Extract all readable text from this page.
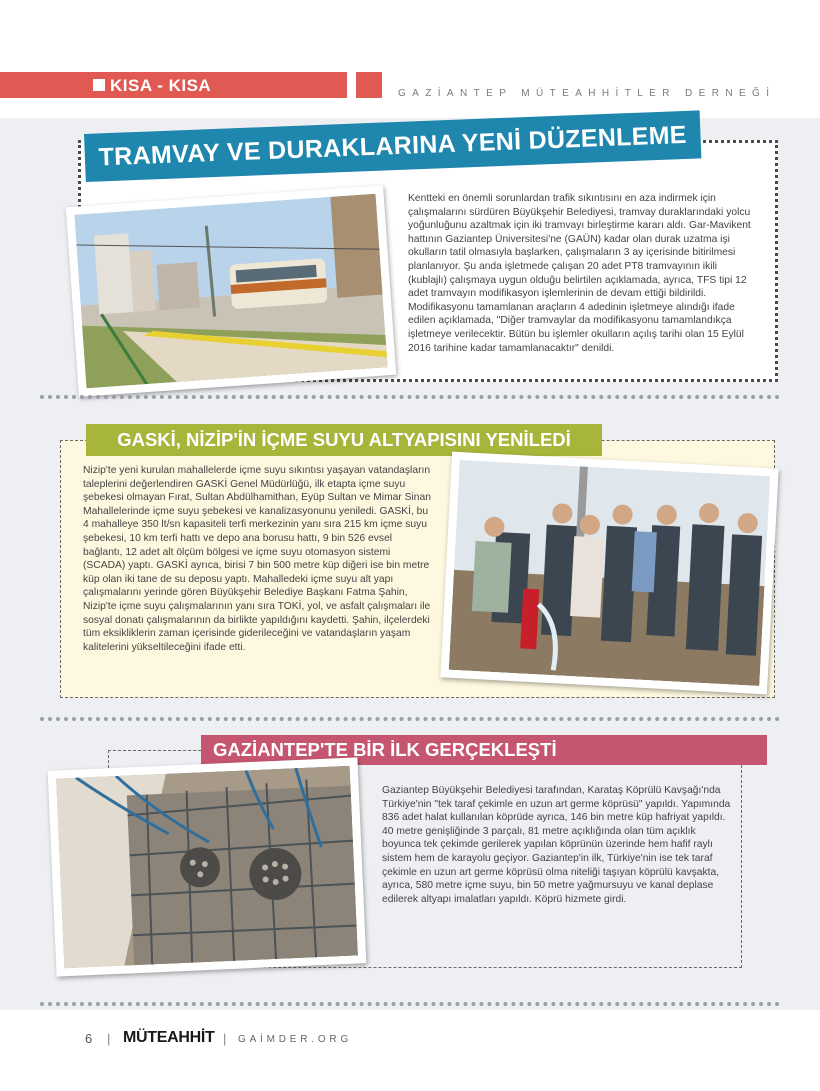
KISA - KISA	GAZİANTEP MÜTEAHHİTLER DERNEĞİ
TRAMVAY VE DURAKLARINA YENİ DÜZENLEME
Kentteki en önemli sorunlardan trafik sıkıntısını en aza indirmek için çalışmalarını sürdüren Büyükşehir Belediyesi, tramvay duraklarındaki yolcu yoğunluğunu azaltmak için iki tramvayı birleştirme kararı aldı. Gar-Mavikent hattının Gaziantep Üniversitesi'ne (GAÜN) kadar olan durak uzatma işi okulların tatil olmasıyla başlarken, çalışmaların 3 ay içerisinde bitirilmesi planlanıyor. Şu anda işletmede çalışan 20 adet PT8 tramvayının ikili (kublajlı) çalışmaya uygun olduğu belirtilen açıklamada, ayrıca, TFS tipi 12 adet tramvayın modifikasyon işlemlerinin de devam ettiği bildirildi. Modifikasyonu tamamlanan araçların 4 adedinin işletmeye alındığı ifade edilen açıklamada, "Diğer tramvaylar da modifikasyonu tamamlandıkça işletmeye verilecektir. Bütün bu işlemler okulların açılış tarihi olan 15 Eylül 2016 tarihine kadar tamamlanacaktır" denildi.
GASKİ, NİZİP'İN İÇME SUYU ALTYAPISINI YENİLEDİ
Nizip'te yeni kurulan mahallelerde içme suyu sıkıntısı yaşayan vatandaşların taleplerini değerlendiren GASKİ Genel Müdürlüğü, ilk etapta içme suyu şebekesi olmayan Fırat, Sultan Abdülhamithan, Eyüp Sultan ve Mimar Sinan Mahallelerinde içme suyu şebekesi ve kanalizasyonunu yeniledi. GASKİ, bu 4 mahalleye 350 lt/sn kapasiteli terfi merkezinin yanı sıra 215 km içme suyu şebekesi, 10 km terfi hattı ve depo ana borusu hattı, 9 bin 526 evsel bağlantı, 12 adet alt ölçüm bölgesi ve içme suyu otomasyon sistemi (SCADA) yaptı. GASKİ ayrıca, birisi 7 bin 500 metre küp diğeri ise bin metre küp olan iki tane de su deposu yaptı. Mahalledeki içme suyu alt yapı çalışmalarını yerinde gören Büyükşehir Belediye Başkanı Fatma Şahin, Nizip'te içme suyu çalışmalarının yanı sıra TOKİ, yol, ve asfalt çalışmaları ile sosyal donatı çalışmalarının da birlikte yapıldığını kaydetti. Şahin, ilçelerdeki tüm eksikliklerin zaman içerisinde giderileceğini ve vatandaşların yaşam kalitelerini yükseltileceğini ifade etti.
GAZİANTEP'TE BİR İLK GERÇEKLEŞTİ
Gaziantep Büyükşehir Belediyesi tarafından, Karataş Köprülü Kavşağı'nda Türkiye'nin "tek taraf çekimle en uzun art germe köprüsü" yapıldı. Yapımında 836 adet halat kullanılan köprüde ayrıca, 146 bin metre küp hafriyat yapıldı. 40 metre genişliğinde 3 parçalı, 81 metre açıklığında olan tüm açıklık boyunca tek çekimde gerilerek yapılan köprünün üzerinde hem hafif raylı sistem hem de karayolu geçiyor. Gaziantep'in ilk, Türkiye'nin ise tek taraf çekimle en uzun art germe köprüsü olma niteliği taşıyan köprülü kavşakta, ayrıca, 580 metre içme suyu, bin 50 metre yağmursuyu ve kanal deplase edilerek altyapı imalatları yapıldı. Köprü hizmete girdi.
6 | MÜTEAHHİT | GAİMDER.ORG
